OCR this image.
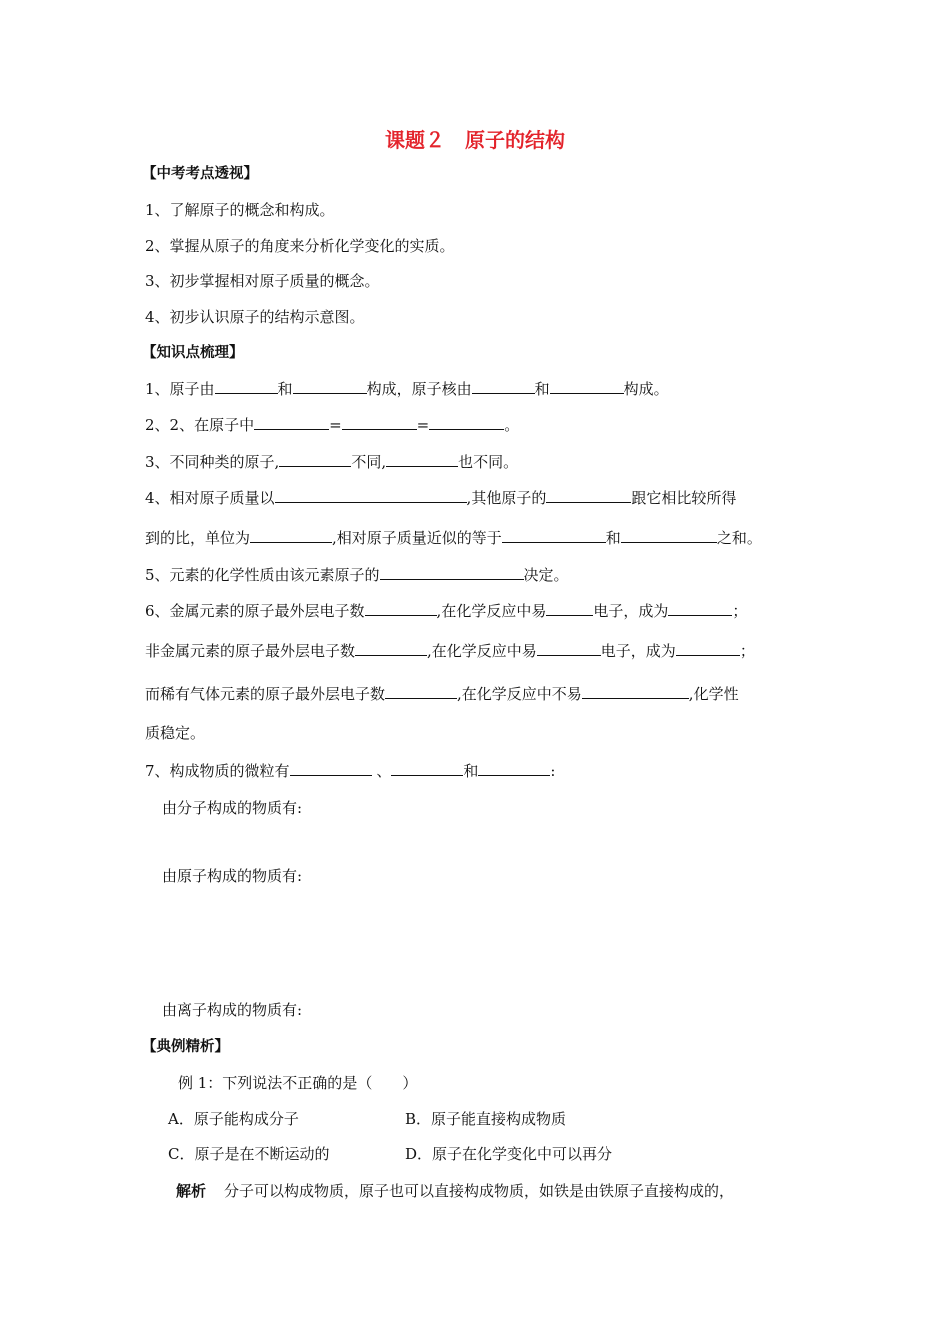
课题２　原子的结构
【中考考点透视】
1、了解原子的概念和构成。
2、掌握从原子的角度来分析化学变化的实质。
3、初步掌握相对原子质量的概念。
4、初步认识原子的结构示意图。
【知识点梳理】
1、原子由	和	构成，原子核由	和	构成。
2、2、在原子中	=	=	。
3、不同种类的原子,	不同,	也不同。
4、相对原子质量以	,其他原子的	跟它相比较所得
到的比，单位为	,相对原子质量近似的等于	和	之和。
5、元素的化学性质由该元素原子的	决定。
6、金属元素的原子最外层电子数	,在化学反应中易	电子，成为	；
非金属元素的原子最外层电子数	,在化学反应中易	电子，成为	；
而稀有气体元素的原子最外层电子数	,在化学反应中不易	,化学性
质稳定。
7、构成物质的微粒有	、	和	:
由分子构成的物质有:
由原子构成的物质有:
由离子构成的物质有:
【典例精析】
例 1：下列说法不正确的是（　　）
A．原子能构成分子	B．原子能直接构成物质
C．原子是在不断运动的	D．原子在化学变化中可以再分
解析 分子可以构成物质，原子也可以直接构成物质，如铁是由铁原子直接构成的，
